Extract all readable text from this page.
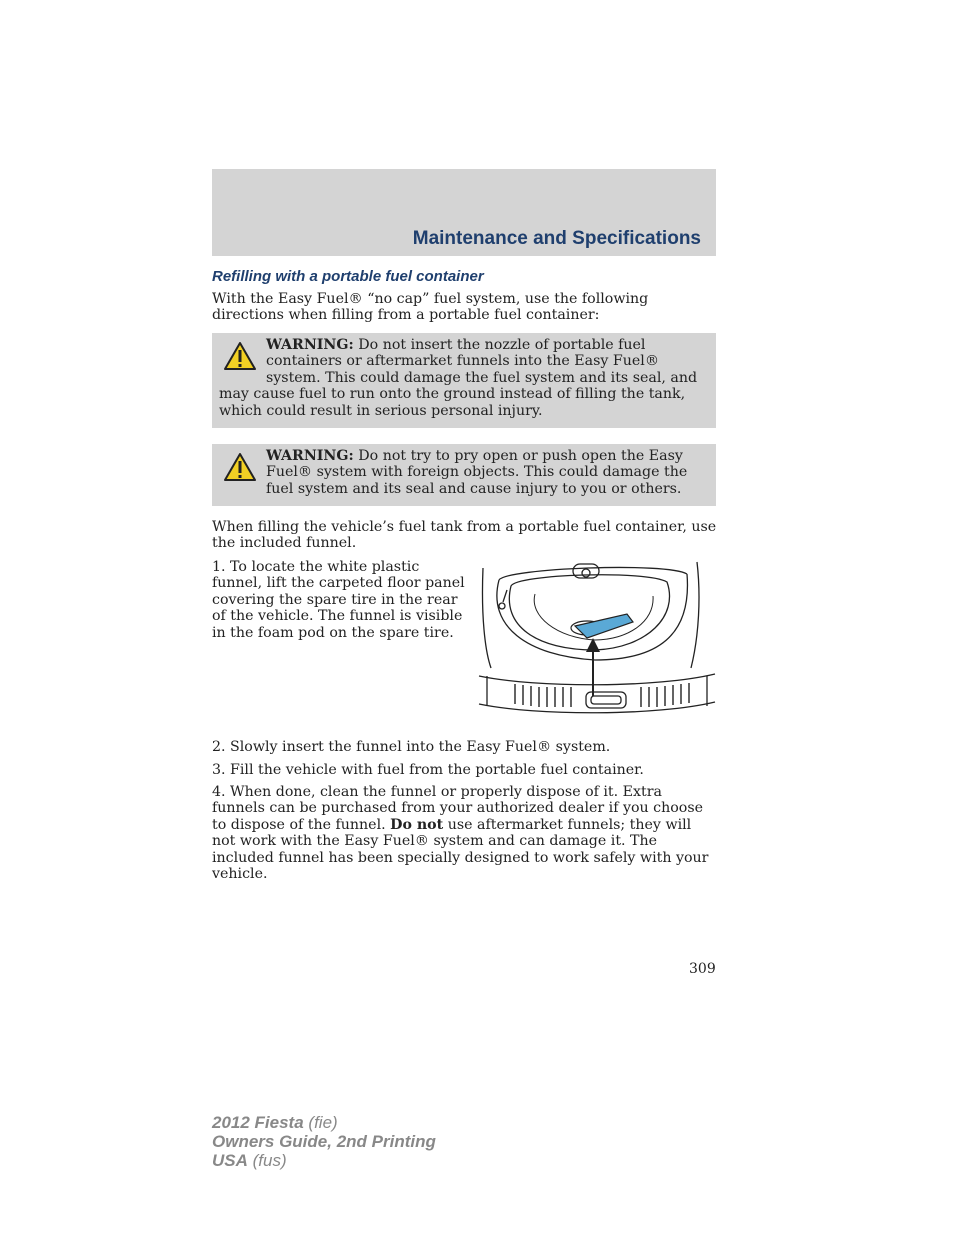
Maintenance and Specifications
Refilling with a portable fuel container

With the Easy Fuel® “no cap” fuel system, use the following directions when filling from a portable fuel container:

WARNING: Do not insert the nozzle of portable fuel containers or aftermarket funnels into the Easy Fuel® system. This could damage the fuel system and its seal, and may cause fuel to run onto the ground instead of filling the tank, which could result in serious personal injury.
WARNING: Do not try to pry open or push open the Easy Fuel® system with foreign objects. This could damage the fuel system and its seal and cause injury to you or others.

When filling the vehicle’s fuel tank from a portable fuel container, use the included funnel.

1. To locate the white plastic funnel, lift the carpeted floor panel covering the spare tire in the rear of the vehicle. The funnel is visible in the foam pod on the spare tire.

2. Slowly insert the funnel into the Easy Fuel® system.

3. Fill the vehicle with fuel from the portable fuel container.

4. When done, clean the funnel or properly dispose of it. Extra funnels can be purchased from your authorized dealer if you choose to dispose of the funnel. Do not use aftermarket funnels; they will not work with the Easy Fuel® system and can damage it. The included funnel has been specially designed to work safely with your vehicle.

309
2012 Fiesta (fie)
Owners Guide, 2nd Printing
USA (fus)
